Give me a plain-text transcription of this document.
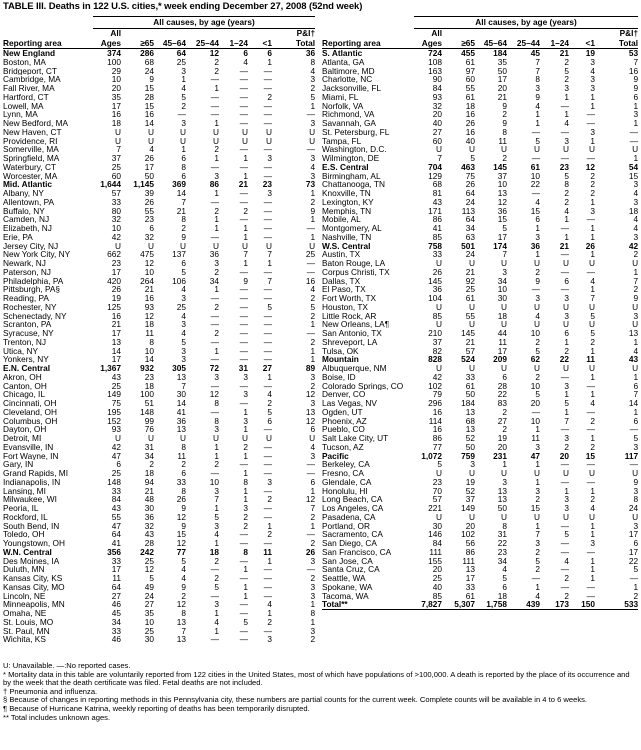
TABLE III. Deaths in 122 U.S. cities,* week ending December 27, 2008 (52nd week)
	All causes, by age (years)						
	All						P&I†
Reporting area	Ages	≥65	45–64	25–44	1–24	<1	Total
New England	374	286	64	12	6	6	36
Boston, MA	100	68	25	2	4	1	8
Bridgeport, CT	29	24	3	2	—	—	4
Cambridge, MA	10	9	1	—	—	—	3
Fall River, MA	20	15	4	1	—	—	2
Hartford, CT	35	28	5	—	—	2	5
Lowell, MA	17	15	2	—	—	—	1
Lynn, MA	16	16	—	—	—	—	—
New Bedford, MA	18	14	3	1	—	—	3
New Haven, CT	U	U	U	U	U	U	U
Providence, RI	U	U	U	U	U	U	U
Somerville, MA	7	4	1	2	—	—	—
Springfield, MA	37	26	6	1	1	3	3
Waterbury, CT	25	17	8	—	—	—	4
Worcester, MA	60	50	6	3	1	—	3
Mid. Atlantic	1,644	1,145	369	86	21	23	73
Albany, NY	57	39	14	1	—	3	1
Allentown, PA	33	26	7	—	—	—	2
Buffalo, NY	80	55	21	2	2	—	9
Camden, NJ	32	23	8	1	—	—	1
Elizabeth, NJ	10	6	2	1	1	—	—
Erie, PA	42	32	9	—	1	—	1
Jersey City, NJ	U	U	U	U	U	U	U
New York City, NY	662	475	137	36	7	7	25
Newark, NJ	23	12	6	3	1	1	—
Paterson, NJ	17	10	5	2	—	—	—
Philadelphia, PA	420	264	106	34	9	7	16
Pittsburgh, PA§	26	21	4	1	—	—	4
Reading, PA	19	16	3	—	—	—	2
Rochester, NY	125	93	25	2	—	5	5
Schenectady, NY	16	12	4	—	—	—	2
Scranton, PA	21	18	3	—	—	—	1
Syracuse, NY	17	11	4	2	—	—	—
Trenton, NJ	13	8	5	—	—	—	2
Utica, NY	14	10	3	1	—	—	1
Yonkers, NY	17	14	3	—	—	—	1
E.N. Central	1,367	932	305	72	31	27	89
Akron, OH	43	23	13	3	3	1	3
Canton, OH	25	18	7	—	—	—	2
Chicago, IL	149	100	30	12	3	4	12
Cincinnati, OH	75	51	14	8	—	2	3
Cleveland, OH	195	148	41	—	1	5	13
Columbus, OH	152	99	36	8	3	6	12
Dayton, OH	93	76	13	3	1	—	6
Detroit, MI	U	U	U	U	U	U	U
Evansville, IN	42	31	8	1	2	—	4
Fort Wayne, IN	47	34	11	1	1	—	3
Gary, IN	6	2	2	2	—	—	—
Grand Rapids, MI	25	18	6	—	1	—	—
Indianapolis, IN	148	94	33	10	8	3	6
Lansing, MI	33	21	8	3	1	—	1
Milwaukee, WI	84	48	26	7	1	2	12
Peoria, IL	43	30	9	1	3	—	7
Rockford, IL	55	36	12	5	2	—	2
South Bend, IN	47	32	9	3	2	1	1
Toledo, OH	64	43	15	4	—	2	—
Youngstown, OH	41	28	12	1	—	—	2
W.N. Central	356	242	77	18	8	11	26
Des Moines, IA	33	25	5	2	—	1	3
Duluth, MN	17	12	4	—	1	—	—
Kansas City, KS	11	5	4	2	—	—	2
Kansas City, MO	64	49	9	5	1	—	3
Lincoln, NE	27	24	2	—	1	—	3
Minneapolis, MN	46	27	12	3	—	4	1
Omaha, NE	45	35	8	1	—	1	8
St. Louis, MO	34	10	13	4	5	2	1
St. Paul, MN	33	25	7	1	—	—	3
Wichita, KS	46	30	13	—	—	3	2
	All causes, by age (years)						
	All						P&I†
Reporting area	Ages	≥65	45–64	25–44	1–24	<1	Total
S. Atlantic	724	455	184	45	21	19	53
Atlanta, GA	108	61	35	7	2	3	7
Baltimore, MD	163	97	50	7	5	4	16
Charlotte, NC	90	60	17	8	2	3	9
Jacksonville, FL	84	55	20	3	3	3	9
Miami, FL	93	61	21	9	1	1	6
Norfolk, VA	32	18	9	4	—	1	1
Richmond, VA	20	16	2	1	1	—	3
Savannah, GA	40	26	9	1	4	—	1
St. Petersburg, FL	27	16	8	—	—	3	—
Tampa, FL	60	40	11	5	3	1	—
Washington, D.C.	U	U	U	U	U	U	U
Wilmington, DE	7	5	2	—	—	—	1
E.S. Central	704	463	145	61	23	12	54
Birmingham, AL	129	75	37	10	5	2	15
Chattanooga, TN	68	26	10	22	8	2	3
Knoxville, TN	81	64	13	—	2	2	4
Lexington, KY	43	24	12	4	2	1	3
Memphis, TN	171	113	36	15	4	3	18
Mobile, AL	86	64	15	6	1	—	4
Montgomery, AL	41	34	5	1	—	1	4
Nashville, TN	85	63	17	3	1	1	3
W.S. Central	758	501	174	36	21	26	42
Austin, TX	33	24	7	1	—	1	2
Baton Rouge, LA	U	U	U	U	U	U	U
Corpus Christi, TX	26	21	3	2	—	—	1
Dallas, TX	145	92	34	9	6	4	7
El Paso, TX	36	25	10	—	—	1	2
Fort Worth, TX	104	61	30	3	3	7	9
Houston, TX	U	U	U	U	U	U	U
Little Rock, AR	85	55	18	4	3	5	3
New Orleans, LA¶	U	U	U	U	U	U	U
San Antonio, TX	210	145	44	10	6	5	13
Shreveport, LA	37	21	11	2	1	2	1
Tulsa, OK	82	57	17	5	2	1	4
Mountain	828	524	209	62	22	11	43
Albuquerque, NM	U	U	U	U	U	U	U
Boise, ID	42	33	6	2	—	1	1
Colorado Springs, CO	102	61	28	10	3	—	6
Denver, CO	79	50	22	5	1	1	7
Las Vegas, NV	296	184	83	20	5	4	14
Ogden, UT	16	13	2	—	1	—	1
Phoenix, AZ	114	68	27	10	7	2	6
Pueblo, CO	16	13	2	1	—	—	—
Salt Lake City, UT	86	52	19	11	3	1	5
Tucson, AZ	77	50	20	3	2	2	3
Pacific	1,072	759	231	47	20	15	117
Berkeley, CA	5	3	1	1	—	—	—
Fresno, CA	U	U	U	U	U	U	U
Glendale, CA	23	19	3	1	—	—	9
Honolulu, HI	70	52	13	3	1	1	3
Long Beach, CA	57	37	13	2	3	2	8
Los Angeles, CA	221	149	50	15	3	4	24
Pasadena, CA	U	U	U	U	U	U	U
Portland, OR	30	20	8	1	—	1	3
Sacramento, CA	146	102	31	7	5	1	17
San Diego, CA	84	56	22	3	—	3	6
San Francisco, CA	111	86	23	2	—	—	17
San Jose, CA	155	111	34	5	4	1	22
Santa Cruz, CA	20	13	4	2	—	1	5
Seattle, WA	25	17	5	—	2	1	—
Spokane, WA	40	33	6	1	—	—	1
Tacoma, WA	85	61	18	4	2	—	2
Total**	7,827	5,307	1,758	439	173	150	533
U: Unavailable. —:No reported cases.
* Mortality data in this table are voluntarily reported from 122 cities in the United States, most of which have populations of >100,000. A death is reported by the place of its occurrence and by the week that the death certificate was filed. Fetal deaths are not included.
† Pneumonia and influenza.
§ Because of changes in reporting methods in this Pennsylvania city, these numbers are partial counts for the current week. Complete counts will be available in 4 to 6 weeks.
¶ Because of Hurricane Katrina, weekly reporting of deaths has been temporarily disrupted.
** Total includes unknown ages.
